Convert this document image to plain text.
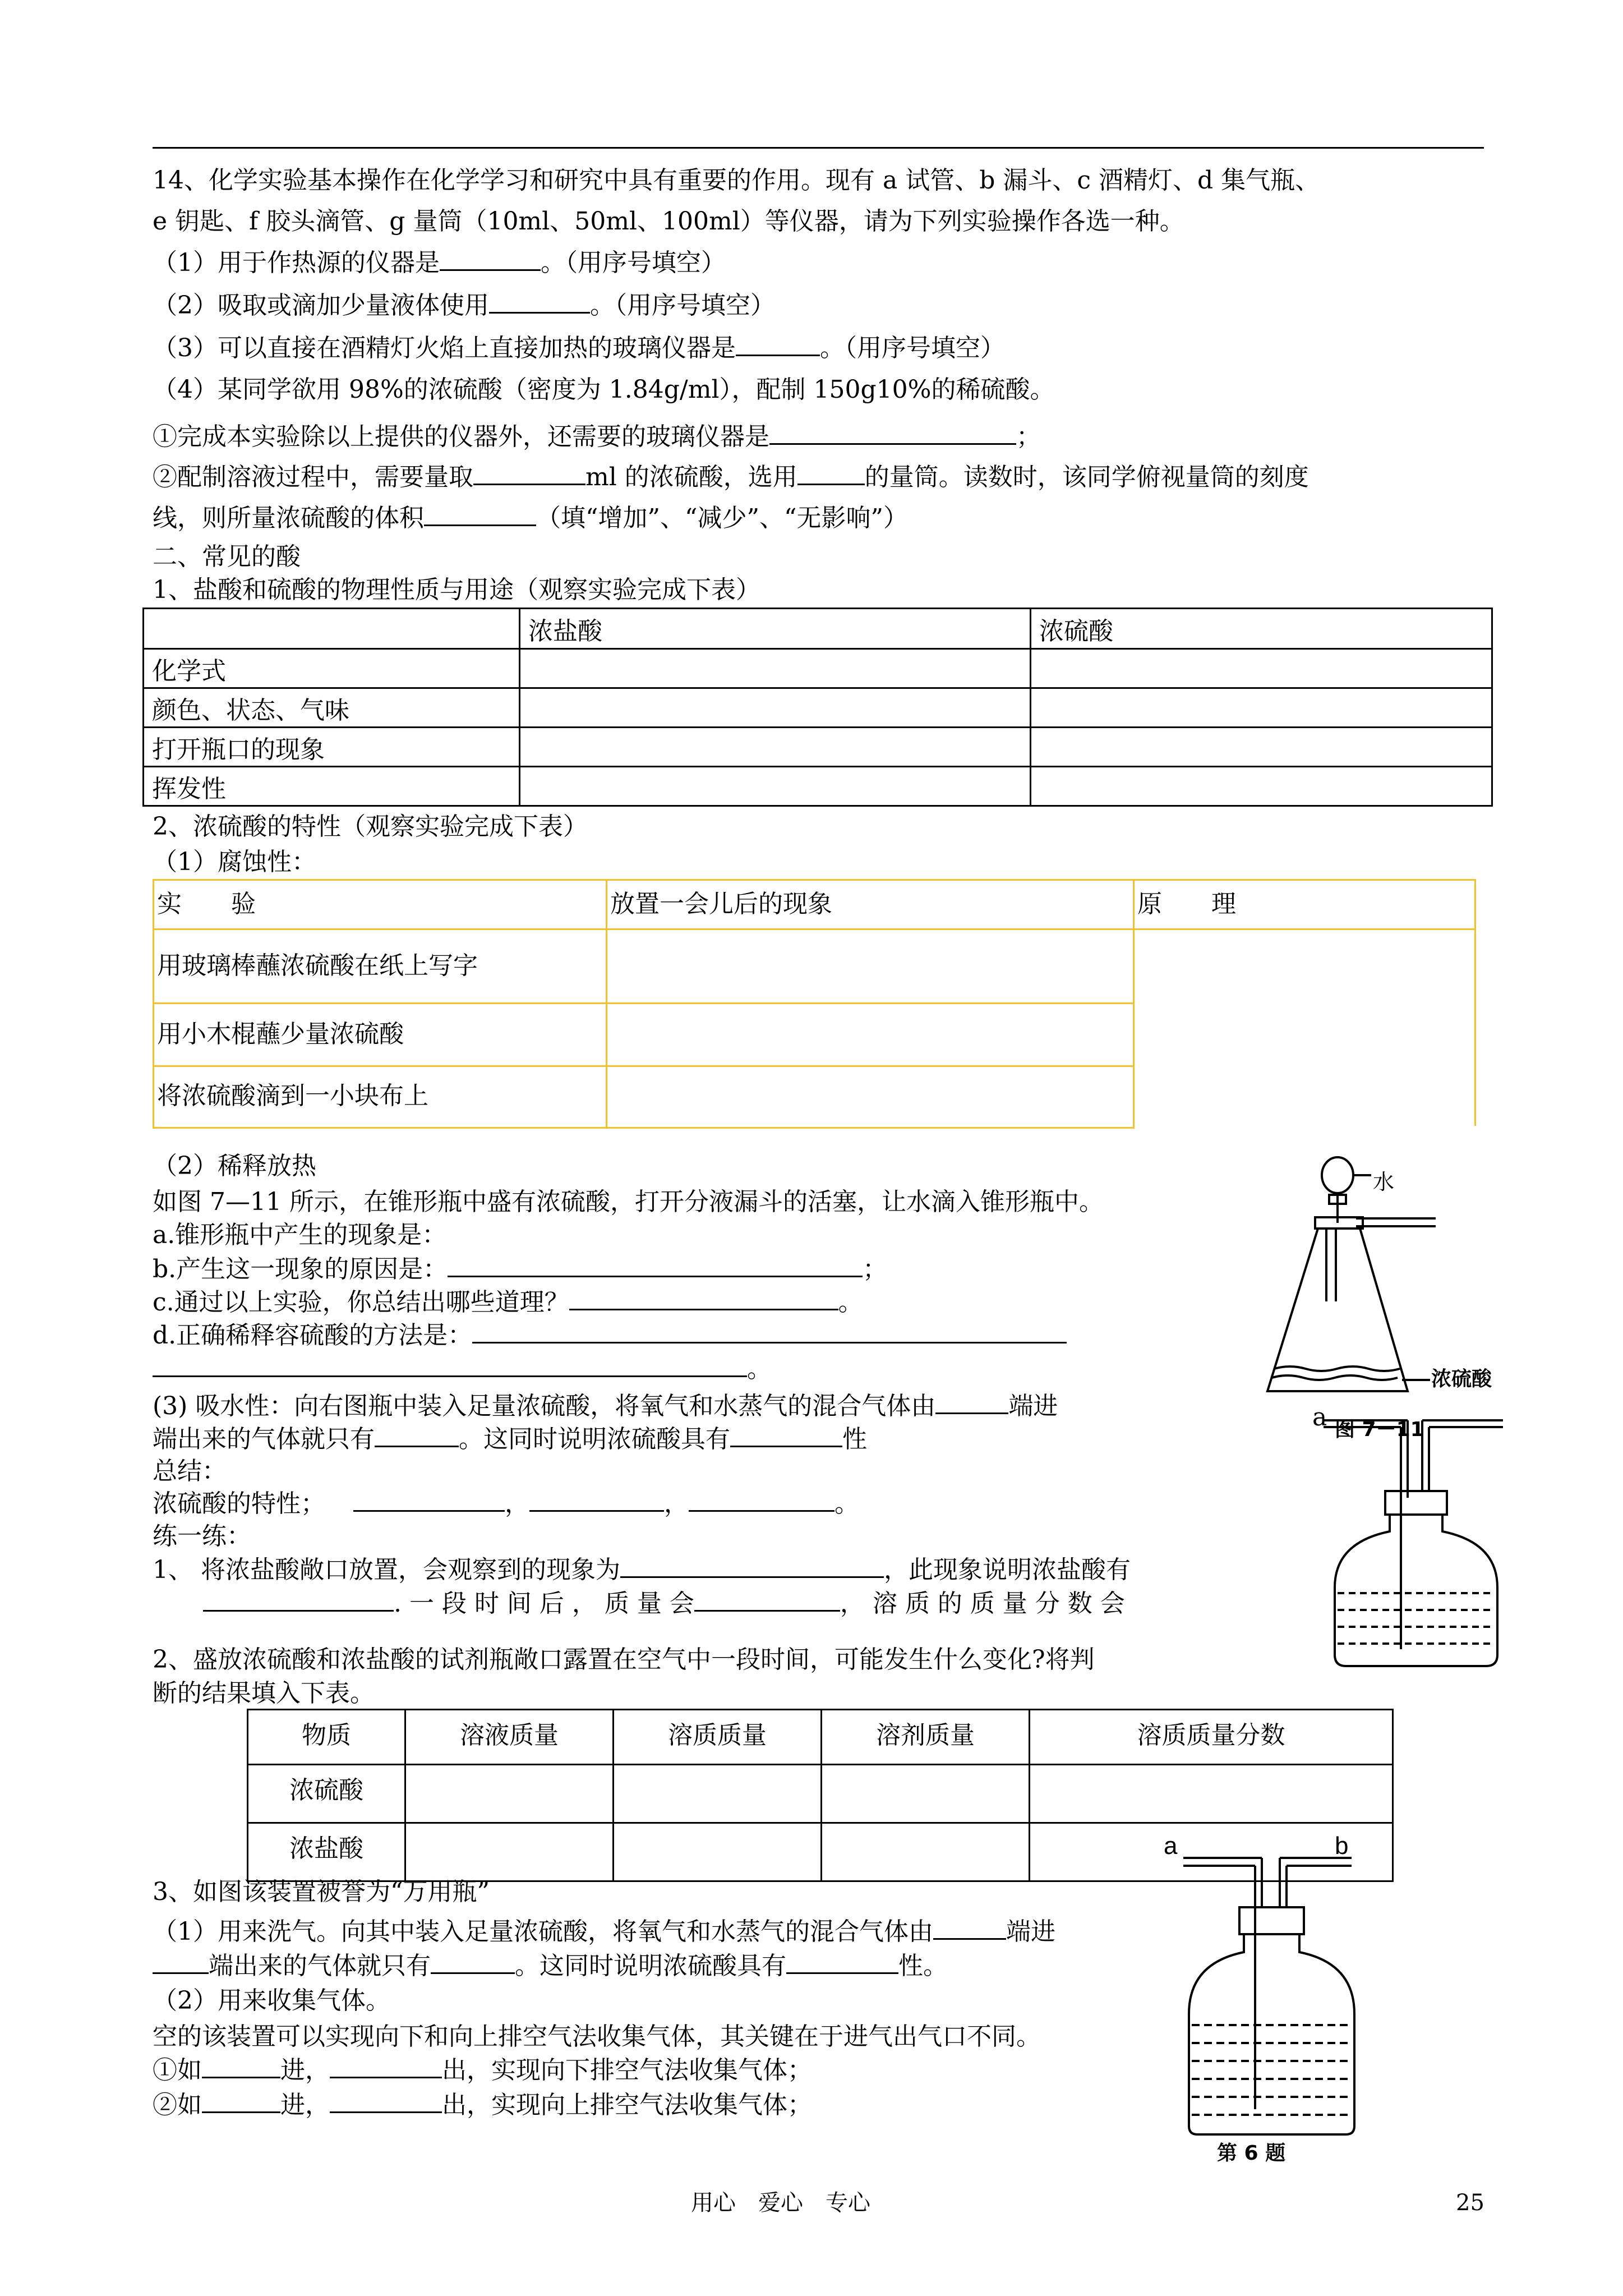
14、化学实验基本操作在化学学习和研究中具有重要的作用。现有 a 试管、b 漏斗、c 酒精灯、d 集气瓶、
e 钥匙、f 胶头滴管、g 量筒（10ml、50ml、100ml）等仪器，请为下列实验操作各选一种。
（1）用于作热源的仪器是	。（用序号填空）
（2）吸取或滴加少量液体使用	。（用序号填空）
（3）可以直接在酒精灯火焰上直接加热的玻璃仪器是	。（用序号填空）
（4）某同学欲用 98%的浓硫酸（密度为 1.84g/ml），配制 150g10%的稀硫酸。
①完成本实验除以上提供的仪器外，还需要的玻璃仪器是	；
②配制溶液过程中，需要量取	ml 的浓硫酸，选用	的量筒。读数时，该同学俯视量筒的刻度
线，则所量浓硫酸的体积	（填“增加”、“减少”、“无影响”）
二、常见的酸
1、盐酸和硫酸的物理性质与用途（观察实验完成下表）
	浓盐酸	浓硫酸
化学式		
颜色、状态、气味		
打开瓶口的现象		
挥发性		
2、浓硫酸的特性（观察实验完成下表）
（1）腐蚀性：
实　　验	放置一会儿后的现象	原　　理
用玻璃棒蘸浓硫酸在纸上写字
用小木棍蘸少量浓硫酸
将浓硫酸滴到一小块布上
（2）稀释放热
如图 7—11 所示，在锥形瓶中盛有浓硫酸，打开分液漏斗的活塞，让水滴入锥形瓶中。
a.锥形瓶中产生的现象是：
b.产生这一现象的原因是：	；
c.通过以上实验，你总结出哪些道理？	。
d.正确稀释容硫酸的方法是：
。
水
浓硫酸
图 7－11
(3) 吸水性：向右图瓶中装入足量浓硫酸，将氧气和水蒸气的混合气体由	端进
端出来的气体就只有	。这同时说明浓硫酸具有	性
a
总结：
浓硫酸的特性；	，	，	。
练一练：
1、 将浓盐酸敞口放置，会观察到的现象为	，此现象说明浓盐酸有
. 一 段 时 间 后 ， 质 量 会	， 溶 质 的 质 量 分 数 会
2、盛放浓硫酸和浓盐酸的试剂瓶敞口露置在空气中一段时间，可能发生什么变化?将判
断的结果填入下表。
物质	溶液质量	溶质质量	溶剂质量	溶质质量分数
浓硫酸				
浓盐酸				
3、如图该装置被誉为“万用瓶”
（1）用来洗气。向其中装入足量浓硫酸，将氧气和水蒸气的混合气体由	端进
端出来的气体就只有	。这同时说明浓硫酸具有	性。
（2）用来收集气体。
空的该装置可以实现向下和向上排空气法收集气体，其关键在于进气出气口不同。
①如	进，	出，实现向下排空气法收集气体；
②如	进，	出，实现向上排空气法收集气体；
a	b
第 6 题
用心　爱心　专心	25
